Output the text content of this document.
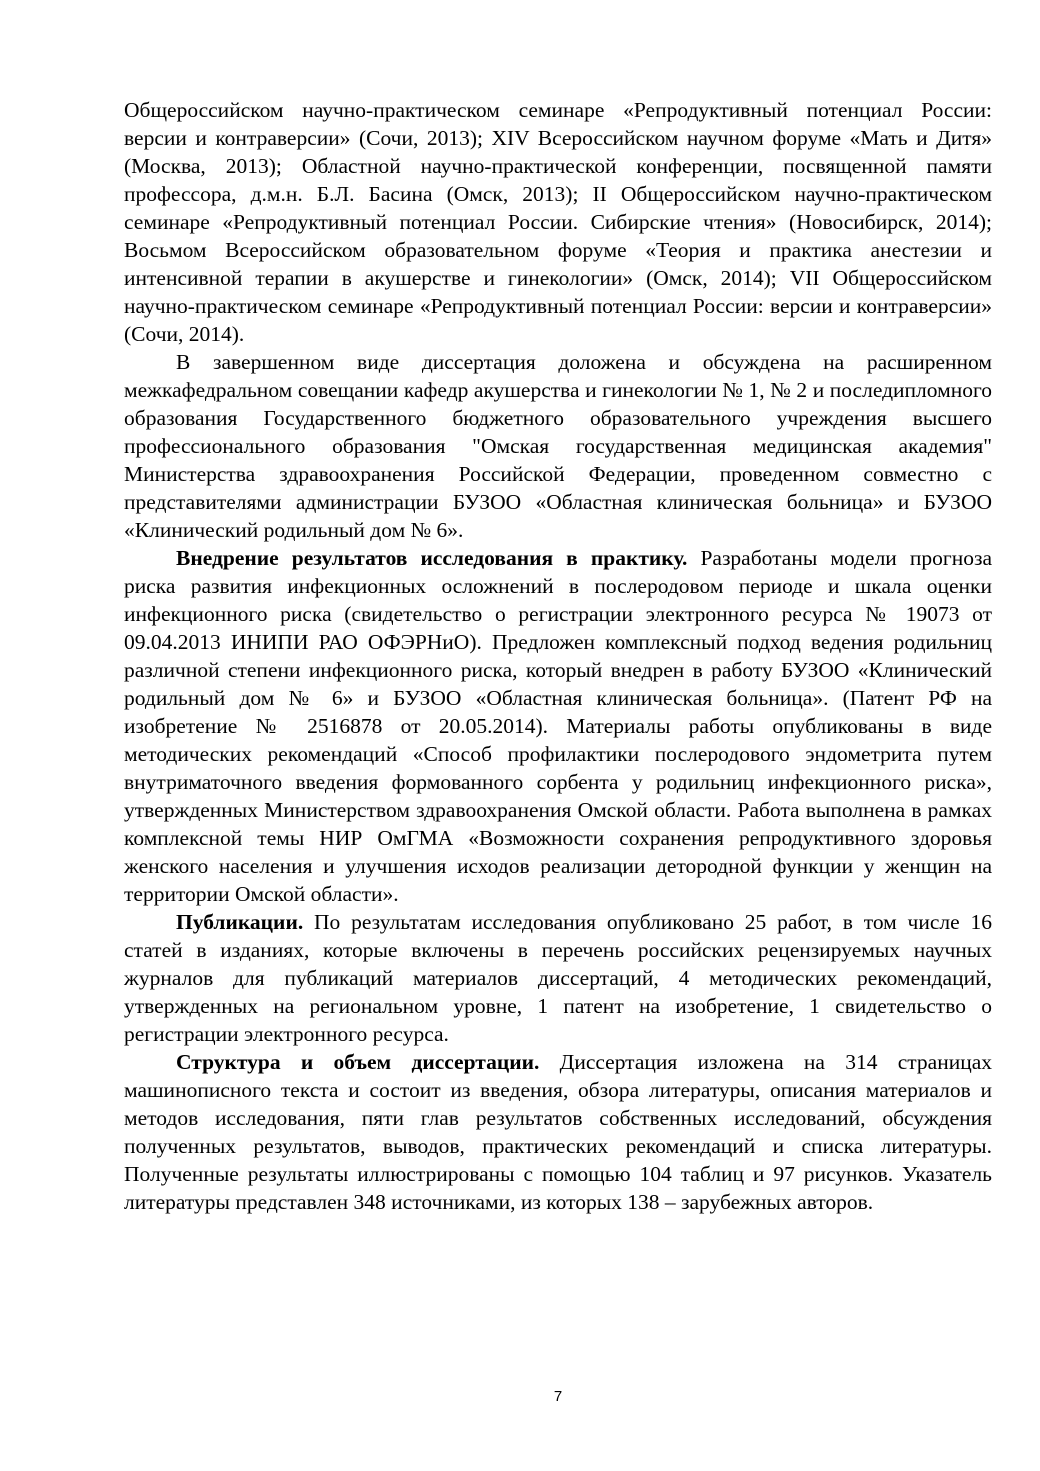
Общероссийском научно-практическом семинаре «Репродуктивный потенциал России: версии и контраверсии» (Сочи, 2013); XIV Всероссийском научном форуме «Мать и Дитя» (Москва, 2013); Областной научно-практической конференции, посвященной памяти профессора, д.м.н. Б.Л. Басина (Омск, 2013); II Общероссийском научно-практическом семинаре «Репродуктивный потенциал России. Сибирские чтения» (Новосибирск, 2014); Восьмом Всероссийском образовательном форуме «Теория и практика анестезии и интенсивной терапии в акушерстве и гинекологии» (Омск, 2014); VII Общероссийском научно-практическом семинаре «Репродуктивный потенциал России: версии и контраверсии» (Сочи, 2014).

В завершенном виде диссертация доложена и обсуждена на расширенном межкафедральном совещании кафедр акушерства и гинекологии № 1, № 2 и последипломного образования Государственного бюджетного образовательного учреждения высшего профессионального образования "Омская государственная медицинская академия" Министерства здравоохранения Российской Федерации, проведенном совместно с представителями администрации БУЗОО «Областная клиническая больница» и БУЗОО «Клинический родильный дом № 6».

Внедрение результатов исследования в практику. Разработаны модели прогноза риска развития инфекционных осложнений в послеродовом периоде и шкала оценки инфекционного риска (свидетельство о регистрации электронного ресурса № 19073 от 09.04.2013 ИНИПИ РАО ОФЭРНиО). Предложен комплексный подход ведения родильниц различной степени инфекционного риска, который внедрен в работу БУЗОО «Клинический родильный дом № 6» и БУЗОО «Областная клиническая больница». (Патент РФ на изобретение № 2516878 от 20.05.2014). Материалы работы опубликованы в виде методических рекомендаций «Способ профилактики послеродового эндометрита путем внутриматочного введения формованного сорбента у родильниц инфекционного риска», утвержденных Министерством здравоохранения Омской области. Работа выполнена в рамках комплексной темы НИР ОмГМА «Возможности сохранения репродуктивного здоровья женского населения и улучшения исходов реализации детородной функции у женщин на территории Омской области».

Публикации. По результатам исследования опубликовано 25 работ, в том числе 16 статей в изданиях, которые включены в перечень российских рецензируемых научных журналов для публикаций материалов диссертаций, 4 методических рекомендаций, утвержденных на региональном уровне, 1 патент на изобретение, 1 свидетельство о регистрации электронного ресурса.

Структура и объем диссертации. Диссертация изложена на 314 страницах машинописного текста и состоит из введения, обзора литературы, описания материалов и методов исследования, пяти глав результатов собственных исследований, обсуждения полученных результатов, выводов, практических рекомендаций и списка литературы. Полученные результаты иллюстрированы с помощью 104 таблиц и 97 рисунков. Указатель литературы представлен 348 источниками, из которых 138 – зарубежных авторов.

7
